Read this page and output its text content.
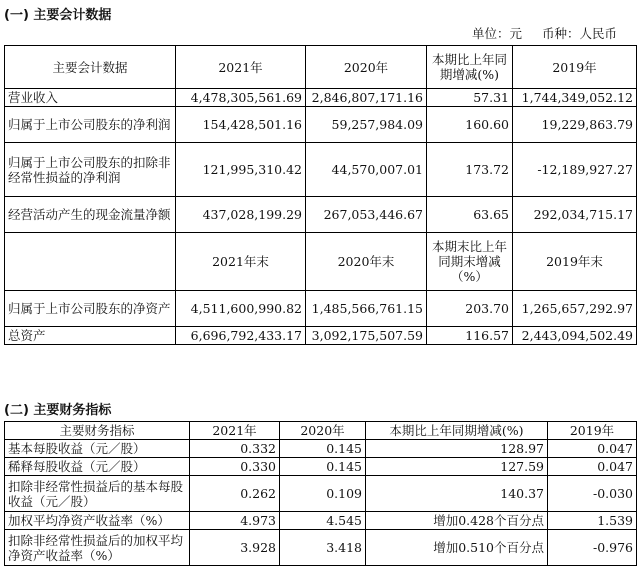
(一) 主要会计数据
单位：元 币种：人民币
主要会计数据	2021年	2020年	本期比上年同期增减(%)	2019年
营业收入	4,478,305,561.69	2,846,807,171.16	57.31	1,744,349,052.12
归属于上市公司股东的净利润	154,428,501.16	59,257,984.09	160.60	19,229,863.79
归属于上市公司股东的扣除非经常性损益的净利润	121,995,310.42	44,570,007.01	173.72	-12,189,927.27
经营活动产生的现金流量净额	437,028,199.29	267,053,446.67	63.65	292,034,715.17
	2021年末	2020年末	本期末比上年同期末增减（%）	2019年末
归属于上市公司股东的净资产	4,511,600,990.82	1,485,566,761.15	203.70	1,265,657,292.97
总资产	6,696,792,433.17	3,092,175,507.59	116.57	2,443,094,502.49
(二) 主要财务指标
主要财务指标	2021年	2020年	本期比上年同期增减(%)	2019年
基本每股收益（元／股）	0.332	0.145	128.97	0.047
稀释每股收益（元／股）	0.330	0.145	127.59	0.047
扣除非经常性损益后的基本每股收益（元／股）	0.262	0.109	140.37	-0.030
加权平均净资产收益率（%）	4.973	4.545	增加0.428个百分点	1.539
扣除非经常性损益后的加权平均净资产收益率（%）	3.928	3.418	增加0.510个百分点	-0.976
